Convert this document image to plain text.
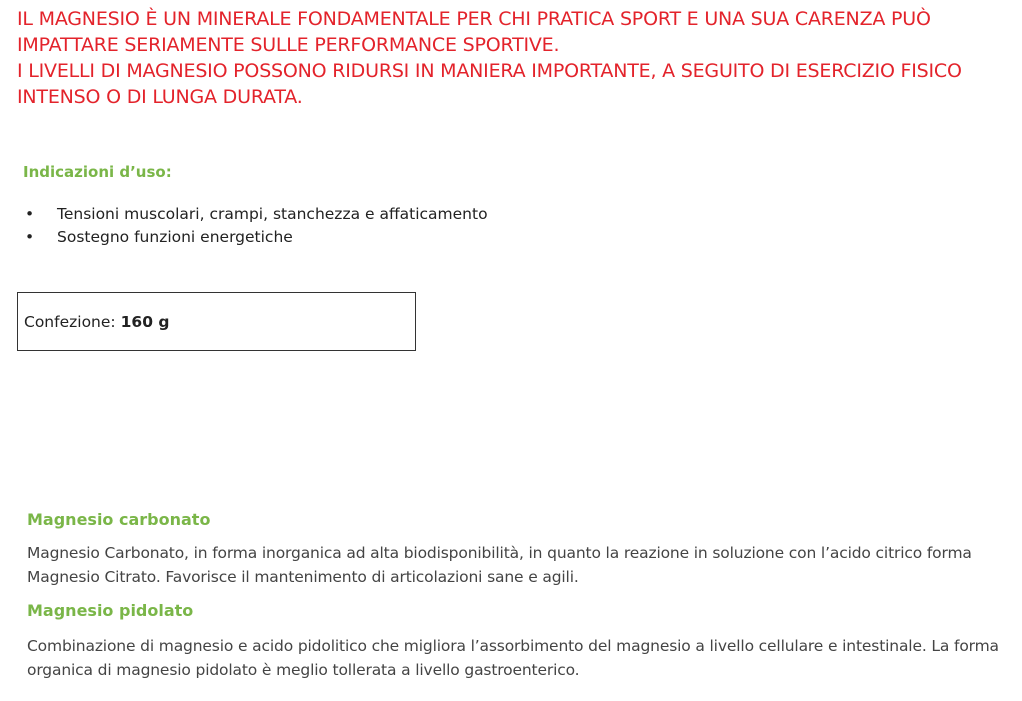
IL MAGNESIO È UN MINERALE FONDAMENTALE PER CHI PRATICA SPORT E UNA SUA CARENZA PUÒ IMPATTARE SERIAMENTE SULLE PERFORMANCE SPORTIVE.

I LIVELLI DI MAGNESIO POSSONO RIDURSI IN MANIERA IMPORTANTE, A SEGUITO DI ESERCIZIO FISICO INTENSO O DI LUNGA DURATA.

Indicazioni d’uso:
• Tensioni muscolari, crampi, stanchezza e affaticamento
• Sostegno funzioni energetiche
Confezione: 160 g
Magnesio carbonato

Magnesio Carbonato, in forma inorganica ad alta biodisponibilità, in quanto la reazione in soluzione con l’acido citrico forma Magnesio Citrato. Favorisce il mantenimento di articolazioni sane e agili.

Magnesio pidolato

Combinazione di magnesio e acido pidolitico che migliora l’assorbimento del magnesio a livello cellulare e intestinale. La forma organica di magnesio pidolato è meglio tollerata a livello gastroenterico.
